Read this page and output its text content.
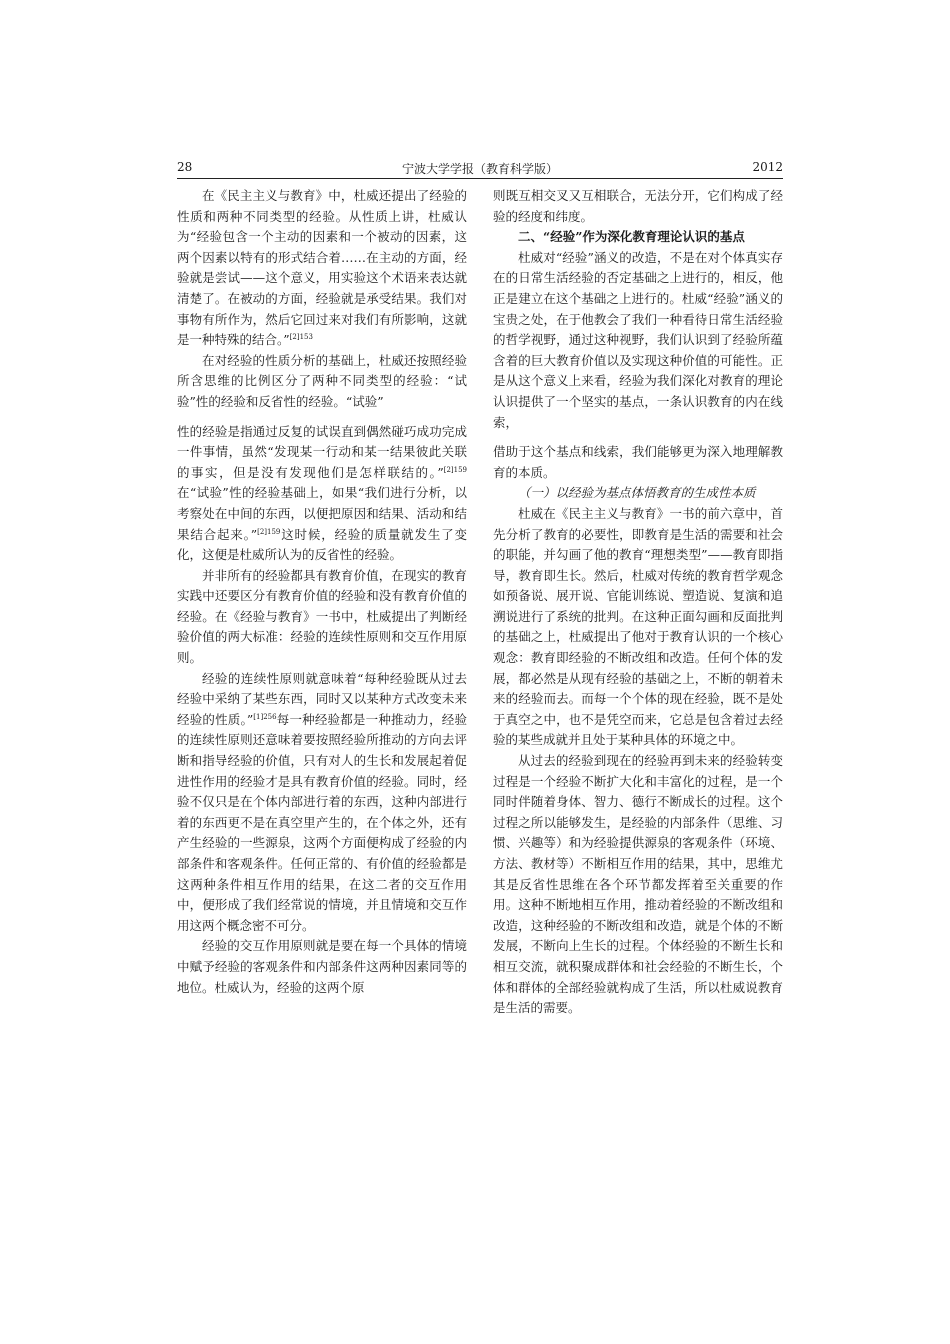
28	宁波大学学报（教育科学版）	2012

在《民主主义与教育》中，杜威还提出了经验的性质和两种不同类型的经验。从性质上讲，杜威认为“经验包含一个主动的因素和一个被动的因素，这两个因素以特有的形式结合着……在主动的方面，经验就是尝试——这个意义，用实验这个术语来表达就清楚了。在被动的方面，经验就是承受结果。我们对事物有所作为，然后它回过来对我们有所影响，这就是一种特殊的结合。”$^{[2]153}$

在对经验的性质分析的基础上，杜威还按照经验所含思维的比例区分了两种不同类型的经验：“试验”性的经验和反省性的经验。“试验”

性的经验是指通过反复的试误直到偶然碰巧成功完成一件事情，虽然“发现某一行动和某一结果彼此关联的事实，但是没有发现他们是怎样联结的。”$^{[2]159}$在“试验”性的经验基础上，如果“我们进行分析，以考察处在中间的东西，以便把原因和结果、活动和结果结合起来。”$^{[2]159}$这时候，经验的质量就发生了变化，这便是杜威所认为的反省性的经验。

并非所有的经验都具有教育价值，在现实的教育实践中还要区分有教育价值的经验和没有教育价值的经验。在《经验与教育》一书中，杜威提出了判断经验价值的两大标准：经验的连续性原则和交互作用原则。

经验的连续性原则就意味着“每种经验既从过去经验中采纳了某些东西，同时又以某种方式改变未来经验的性质。”$^{[1]256}$每一种经验都是一种推动力，经验的连续性原则还意味着要按照经验所推动的方向去评断和指导经验的价值，只有对人的生长和发展起着促进性作用的经验才是具有教育价值的经验。同时，经验不仅只是在个体内部进行着的东西，这种内部进行着的东西更不是在真空里产生的，在个体之外，还有产生经验的一些源泉，这两个方面便构成了经验的内部条件和客观条件。任何正常的、有价值的经验都是这两种条件相互作用的结果，在这二者的交互作用中，便形成了我们经常说的情境，并且情境和交互作用这两个概念密不可分。

经验的交互作用原则就是要在每一个具体的情境中赋予经验的客观条件和内部条件这两种因素同等的地位。杜威认为，经验的这两个原

则既互相交叉又互相联合，无法分开，它们构成了经验的经度和纬度。

二、“经验”作为深化教育理论认识的基点

杜威对“经验”涵义的改造，不是在对个体真实存在的日常生活经验的否定基础之上进行的，相反，他正是建立在这个基础之上进行的。杜威“经验”涵义的宝贵之处，在于他教会了我们一种看待日常生活经验的哲学视野，通过这种视野，我们认识到了经验所蕴含着的巨大教育价值以及实现这种价值的可能性。正是从这个意义上来看，经验为我们深化对教育的理论认识提供了一个坚实的基点，一条认识教育的内在线索，

借助于这个基点和线索，我们能够更为深入地理解教育的本质。

（一）以经验为基点体悟教育的生成性本质

杜威在《民主主义与教育》一书的前六章中，首先分析了教育的必要性，即教育是生活的需要和社会的职能，并勾画了他的教育“理想类型”——教育即指导，教育即生长。然后，杜威对传统的教育哲学观念如预备说、展开说、官能训练说、塑造说、复演和追溯说进行了系统的批判。在这种正面勾画和反面批判的基础之上，杜威提出了他对于教育认识的一个核心观念：教育即经验的不断改组和改造。任何个体的发展，都必然是从现有经验的基础之上，不断的朝着未来的经验而去。而每一个个体的现在经验，既不是处于真空之中，也不是凭空而来，它总是包含着过去经验的某些成就并且处于某种具体的环境之中。

从过去的经验到现在的经验再到未来的经验转变过程是一个经验不断扩大化和丰富化的过程，是一个同时伴随着身体、智力、德行不断成长的过程。这个过程之所以能够发生，是经验的内部条件（思维、习惯、兴趣等）和为经验提供源泉的客观条件（环境、方法、教材等）不断相互作用的结果，其中，思维尤其是反省性思维在各个环节都发挥着至关重要的作用。这种不断地相互作用，推动着经验的不断改组和改造，这种经验的不断改组和改造，就是个体的不断发展，不断向上生长的过程。个体经验的不断生长和相互交流，就积聚成群体和社会经验的不断生长，个体和群体的全部经验就构成了生活，所以杜威说教育是生活的需要。
